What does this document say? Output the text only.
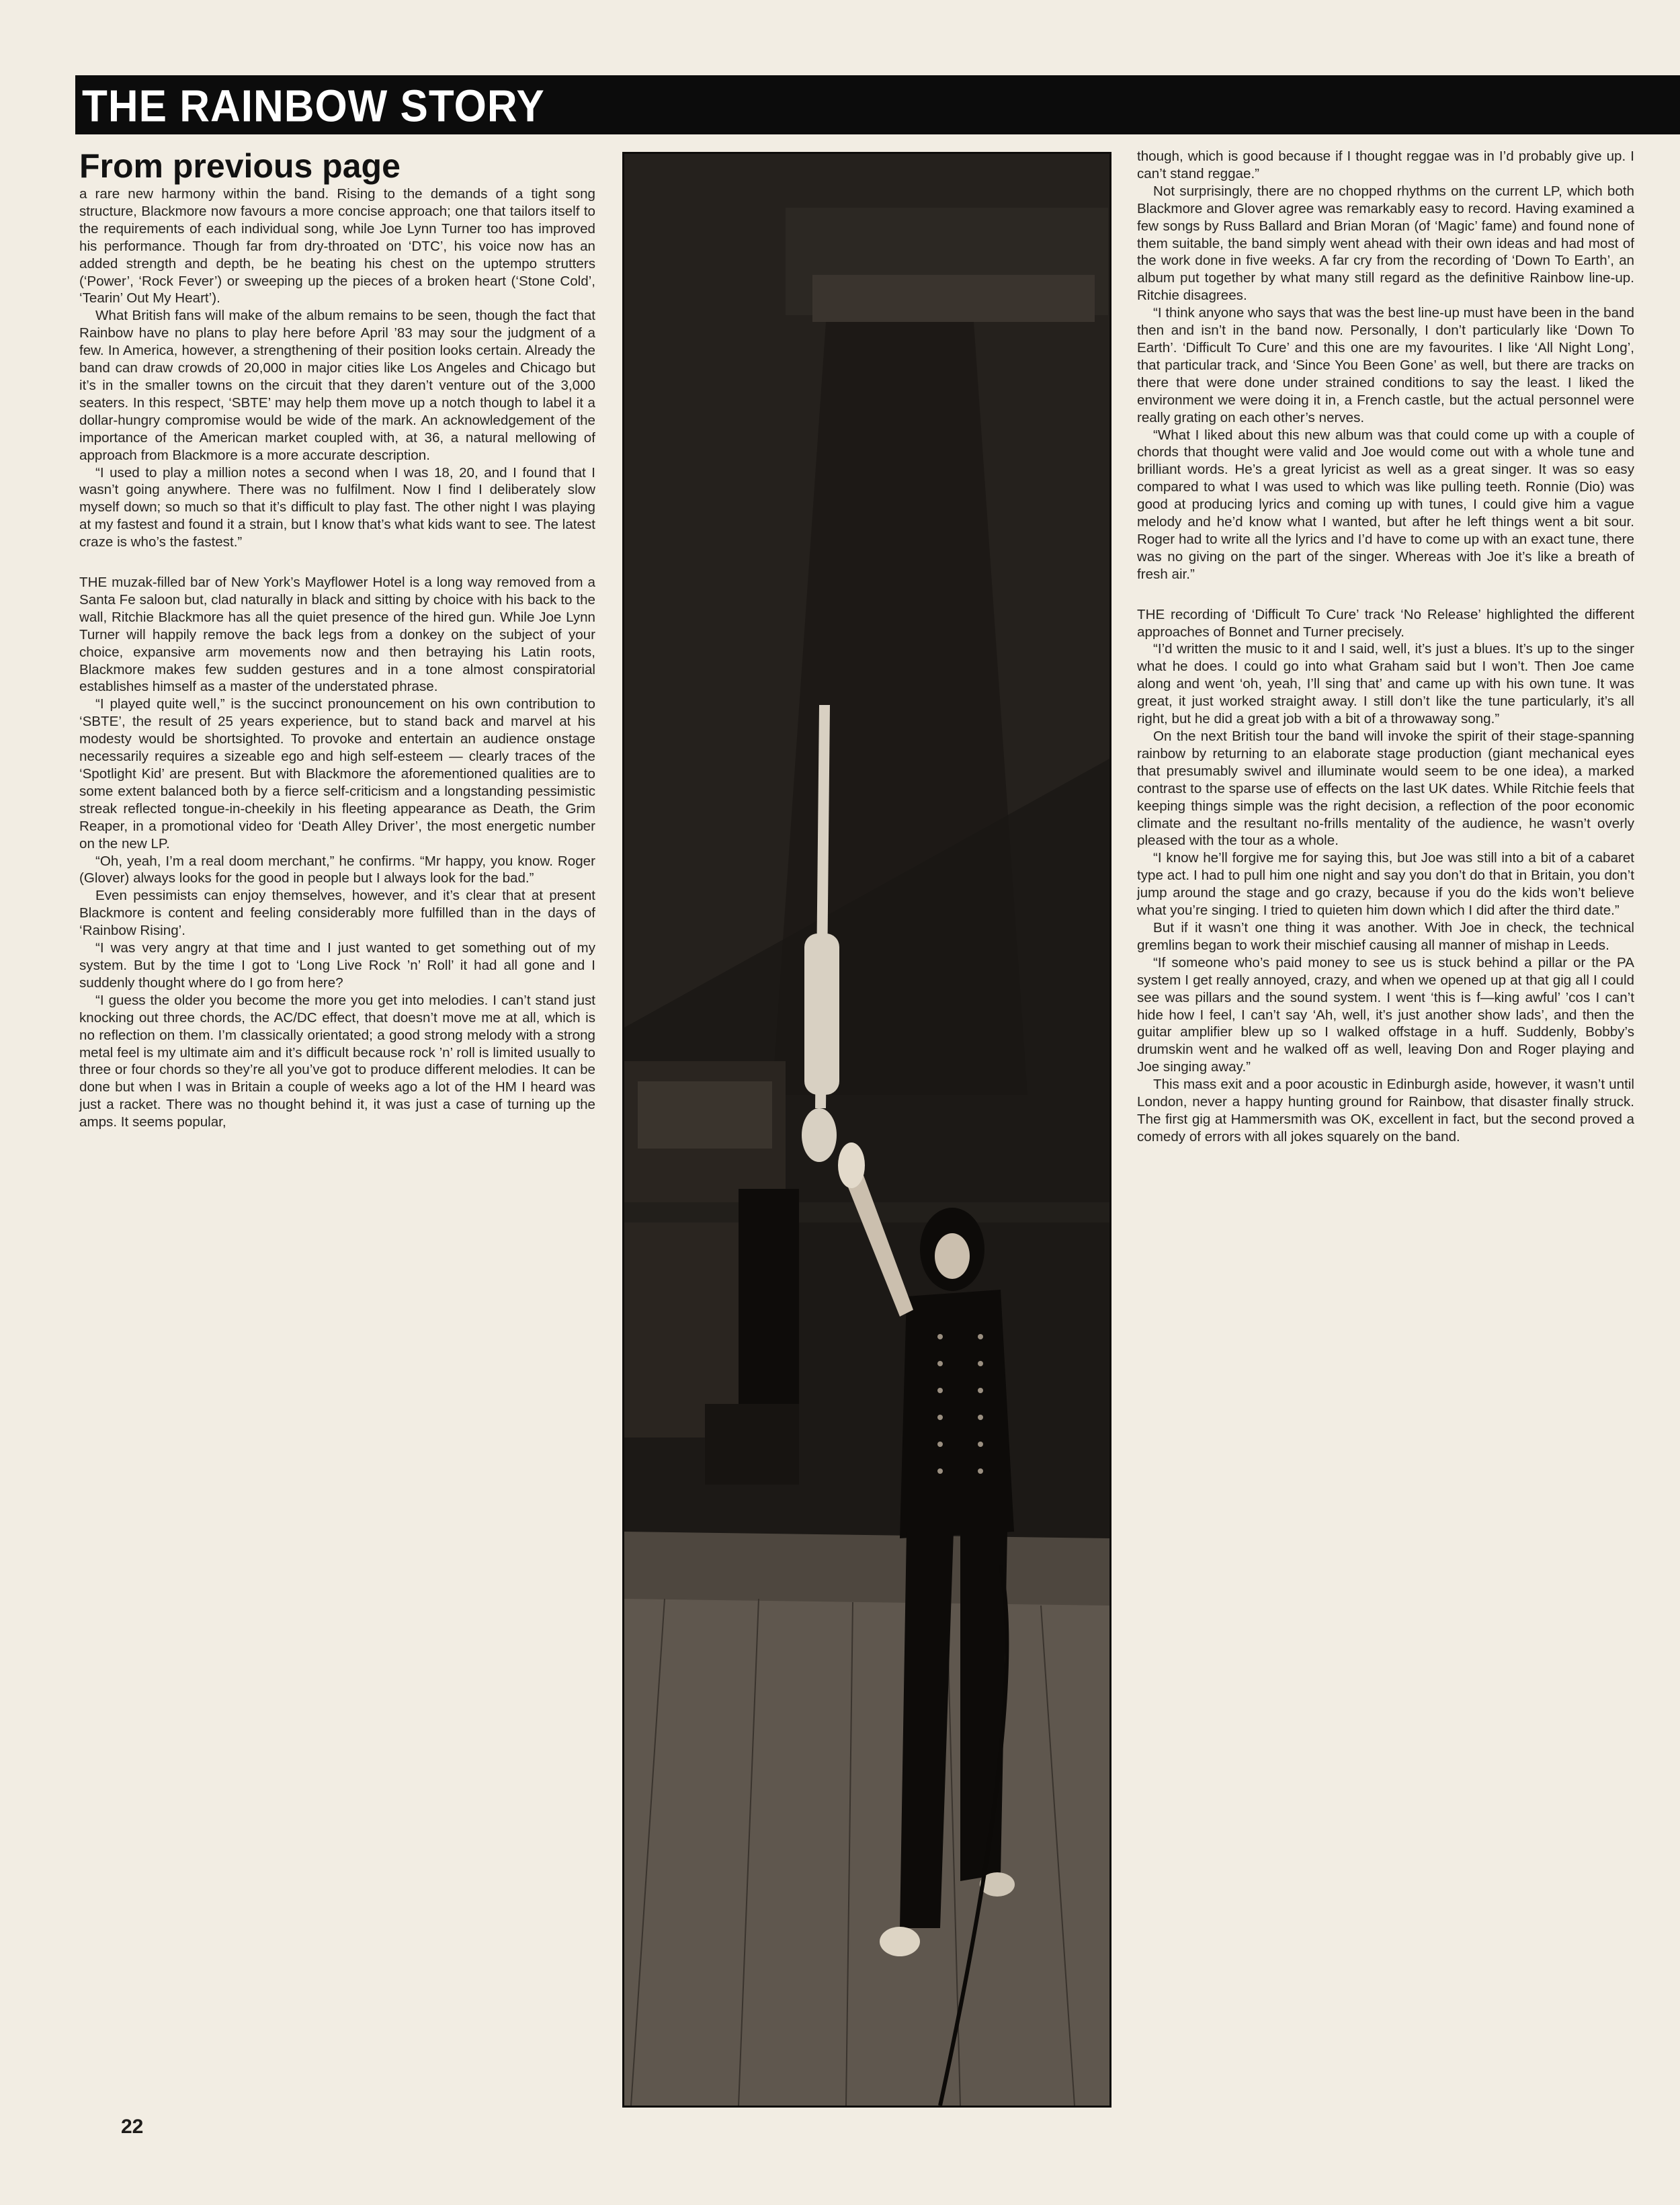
THE RAINBOW STORY
From previous page

a rare new harmony within the band. Rising to the demands of a tight song structure, Blackmore now favours a more concise approach; one that tailors itself to the requirements of each individual song, while Joe Lynn Turner too has improved his performance. Though far from dry-throated on ‘DTC’, his voice now has an added strength and depth, be he beating his chest on the uptempo strutters (‘Power’, ‘Rock Fever’) or sweeping up the pieces of a broken heart (‘Stone Cold’, ‘Tearin’ Out My Heart’).

What British fans will make of the album remains to be seen, though the fact that Rainbow have no plans to play here before April ’83 may sour the judgment of a few. In America, however, a strengthening of their position looks certain. Already the band can draw crowds of 20,000 in major cities like Los Angeles and Chicago but it’s in the smaller towns on the circuit that they daren’t venture out of the 3,000 seaters. In this respect, ‘SBTE’ may help them move up a notch though to label it a dollar-hungry compromise would be wide of the mark. An acknowledgement of the importance of the American market coupled with, at 36, a natural mellowing of approach from Blackmore is a more accurate description.

“I used to play a million notes a second when I was 18, 20, and I found that I wasn’t going anywhere. There was no fulfilment. Now I find I deliberately slow myself down; so much so that it’s difficult to play fast. The other night I was playing at my fastest and found it a strain, but I know that’s what kids want to see. The latest craze is who’s the fastest.”

THE muzak-filled bar of New York’s Mayflower Hotel is a long way removed from a Santa Fe saloon but, clad naturally in black and sitting by choice with his back to the wall, Ritchie Blackmore has all the quiet presence of the hired gun. While Joe Lynn Turner will happily remove the back legs from a donkey on the subject of your choice, expansive arm movements now and then betraying his Latin roots, Blackmore makes few sudden gestures and in a tone almost conspiratorial establishes himself as a master of the understated phrase.

“I played quite well,” is the succinct pronouncement on his own contribution to ‘SBTE’, the result of 25 years experience, but to stand back and marvel at his modesty would be shortsighted. To provoke and entertain an audience onstage necessarily requires a sizeable ego and high self-esteem — clearly traces of the ‘Spotlight Kid’ are present. But with Blackmore the aforementioned qualities are to some extent balanced both by a fierce self-criticism and a longstanding pessimistic streak reflected tongue-in-cheekily in his fleeting appearance as Death, the Grim Reaper, in a promotional video for ‘Death Alley Driver’, the most energetic number on the new LP.

“Oh, yeah, I’m a real doom merchant,” he confirms. “Mr happy, you know. Roger (Glover) always looks for the good in people but I always look for the bad.”

Even pessimists can enjoy themselves, however, and it’s clear that at present Blackmore is content and feeling considerably more fulfilled than in the days of ‘Rainbow Rising’.

“I was very angry at that time and I just wanted to get something out of my system. But by the time I got to ‘Long Live Rock ’n’ Roll’ it had all gone and I suddenly thought where do I go from here?

“I guess the older you become the more you get into melodies. I can’t stand just knocking out three chords, the AC/DC effect, that doesn’t move me at all, which is no reflection on them. I’m classically orientated; a good strong melody with a strong metal feel is my ultimate aim and it’s difficult because rock ’n’ roll is limited usually to three or four chords so they’re all you’ve got to produce different melodies. It can be done but when I was in Britain a couple of weeks ago a lot of the HM I heard was just a racket. There was no thought behind it, it was just a case of turning up the amps. It seems popular,

though, which is good because if I thought reggae was in I’d probably give up. I can’t stand reggae.”

Not surprisingly, there are no chopped rhythms on the current LP, which both Blackmore and Glover agree was remarkably easy to record. Having examined a few songs by Russ Ballard and Brian Moran (of ‘Magic’ fame) and found none of them suitable, the band simply went ahead with their own ideas and had most of the work done in five weeks. A far cry from the recording of ‘Down To Earth’, an album put together by what many still regard as the definitive Rainbow line-up. Ritchie disagrees.

“I think anyone who says that was the best line-up must have been in the band then and isn’t in the band now. Personally, I don’t particularly like ‘Down To Earth’. ‘Difficult To Cure’ and this one are my favourites. I like ‘All Night Long’, that particular track, and ‘Since You Been Gone’ as well, but there are tracks on there that were done under strained conditions to say the least. I liked the environment we were doing it in, a French castle, but the actual personnel were really grating on each other’s nerves.

“What I liked about this new album was that could come up with a couple of chords that thought were valid and Joe would come out with a whole tune and brilliant words. He’s a great lyricist as well as a great singer. It was so easy compared to what I was used to which was like pulling teeth. Ronnie (Dio) was good at producing lyrics and coming up with tunes, I could give him a vague melody and he’d know what I wanted, but after he left things went a bit sour. Roger had to write all the lyrics and I’d have to come up with an exact tune, there was no giving on the part of the singer. Whereas with Joe it’s like a breath of fresh air.”

THE recording of ‘Difficult To Cure’ track ‘No Release’ highlighted the different approaches of Bonnet and Turner precisely.

“I’d written the music to it and I said, well, it’s just a blues. It’s up to the singer what he does. I could go into what Graham said but I won’t. Then Joe came along and went ‘oh, yeah, I’ll sing that’ and came up with his own tune. It was great, it just worked straight away. I still don’t like the tune particularly, it’s all right, but he did a great job with a bit of a throwaway song.”

On the next British tour the band will invoke the spirit of their stage-spanning rainbow by returning to an elaborate stage production (giant mechanical eyes that presumably swivel and illuminate would seem to be one idea), a marked contrast to the sparse use of effects on the last UK dates. While Ritchie feels that keeping things simple was the right decision, a reflection of the poor economic climate and the resultant no-frills mentality of the audience, he wasn’t overly pleased with the tour as a whole.

“I know he’ll forgive me for saying this, but Joe was still into a bit of a cabaret type act. I had to pull him one night and say you don’t do that in Britain, you don’t jump around the stage and go crazy, because if you do the kids won’t believe what you’re singing. I tried to quieten him down which I did after the third date.”

But if it wasn’t one thing it was another. With Joe in check, the technical gremlins began to work their mischief causing all manner of mishap in Leeds.

“If someone who’s paid money to see us is stuck behind a pillar or the PA system I get really annoyed, crazy, and when we opened up at that gig all I could see was pillars and the sound system. I went ‘this is f—king awful’ ’cos I can’t hide how I feel, I can’t say ‘Ah, well, it’s just another show lads’, and then the guitar amplifier blew up so I walked offstage in a huff. Suddenly, Bobby’s drumskin went and he walked off as well, leaving Don and Roger playing and Joe singing away.”

This mass exit and a poor acoustic in Edinburgh aside, however, it wasn’t until London, never a happy hunting ground for Rainbow, that disaster finally struck. The first gig at Hammersmith was OK, excellent in fact, but the second proved a comedy of errors with all jokes squarely on the band.

22
